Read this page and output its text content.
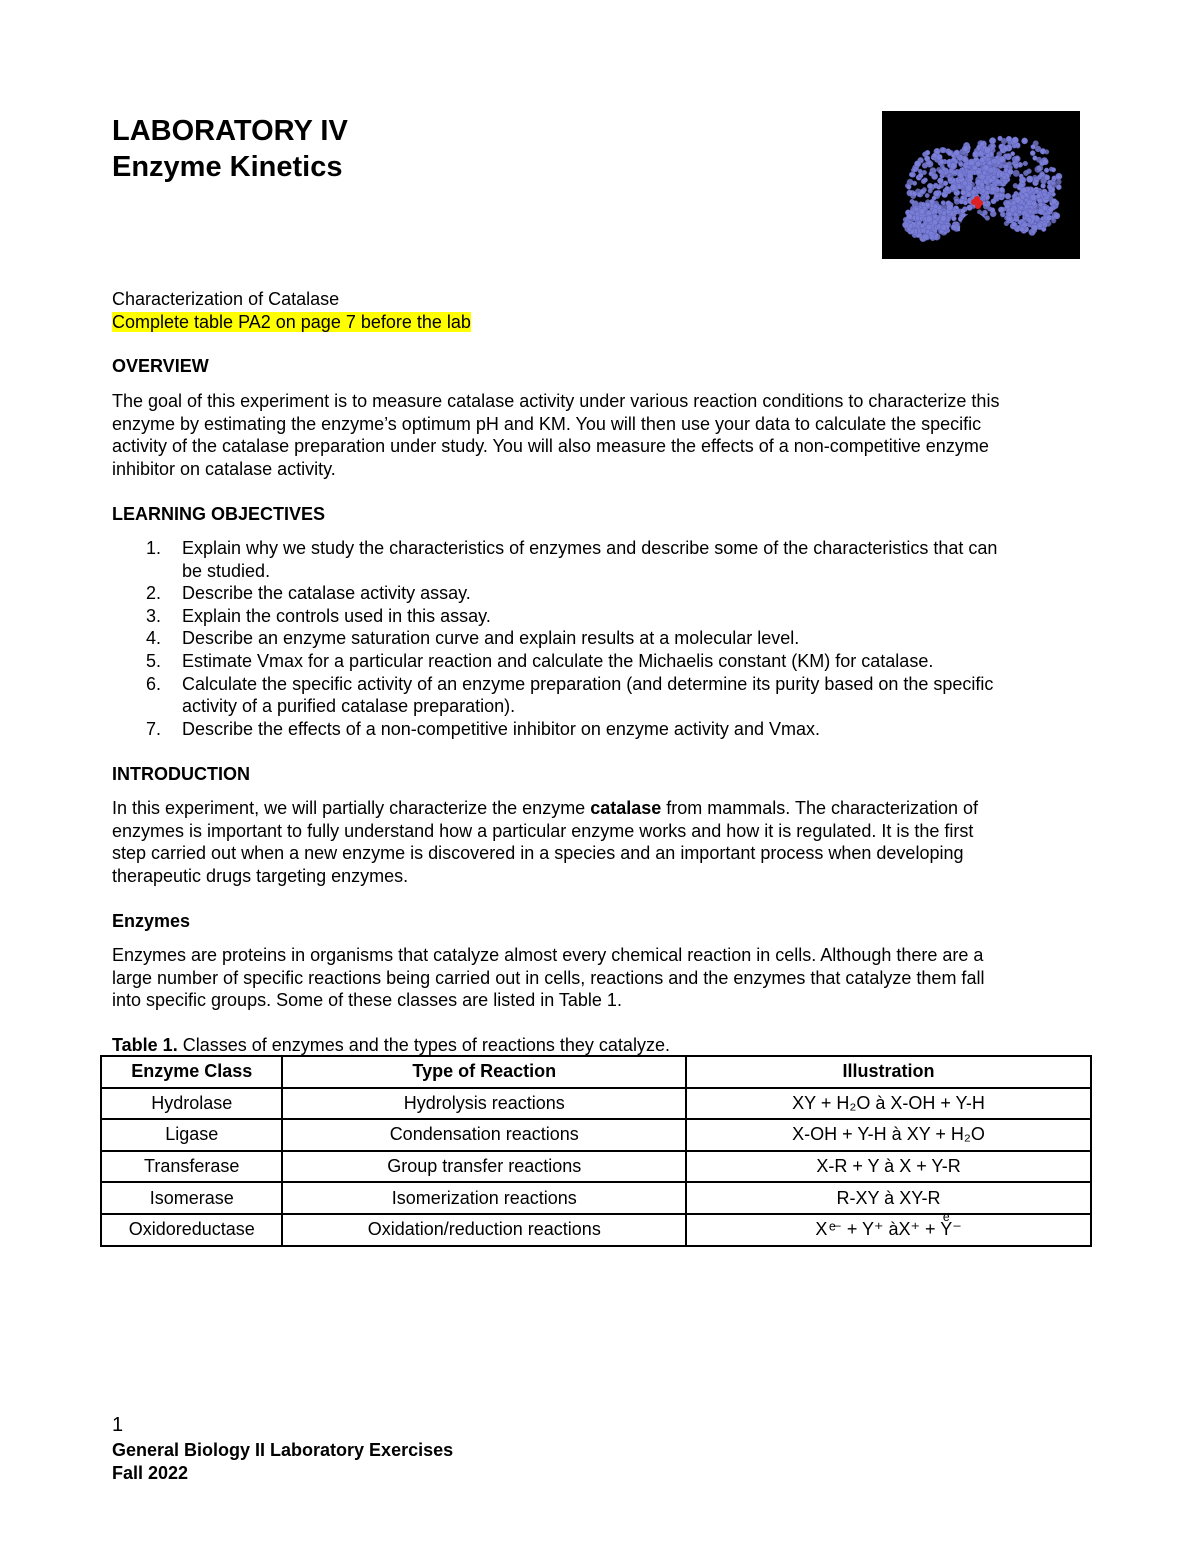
LABORATORY IV
Enzyme Kinetics

Characterization of Catalase

Complete table PA2 on page 7 before the lab

OVERVIEW

The goal of this experiment is to measure catalase activity under various reaction conditions to characterize this
enzyme by estimating the enzyme’s optimum pH and KM. You will then use your data to calculate the specific
activity of the catalase preparation under study. You will also measure the effects of a non-competitive enzyme
inhibitor on catalase activity.

LEARNING OBJECTIVES

1.	Explain why we study the characteristics of enzymes and describe some of the characteristics that can
be studied.
2.	Describe the catalase activity assay.
3.	Explain the controls used in this assay.
4.	Describe an enzyme saturation curve and explain results at a molecular level.
5.	Estimate Vmax for a particular reaction and calculate the Michaelis constant (KM) for catalase.
6.	Calculate the specific activity of an enzyme preparation (and determine its purity based on the specific
activity of a purified catalase preparation).
7.	Describe the effects of a non-competitive inhibitor on enzyme activity and Vmax.

INTRODUCTION

In this experiment, we will partially characterize the enzyme catalase from mammals. The characterization of
enzymes is important to fully understand how a particular enzyme works and how it is regulated. It is the first
step carried out when a new enzyme is discovered in a species and an important process when developing
therapeutic drugs targeting enzymes.

Enzymes

Enzymes are proteins in organisms that catalyze almost every chemical reaction in cells. Although there are a
large number of specific reactions being carried out in cells, reactions and the enzymes that catalyze them fall
into specific groups. Some of these classes are listed in Table 1.

Table 1. Classes of enzymes and the types of reactions they catalyze.

Enzyme Class	Type of Reaction	Illustration
Hydrolase	Hydrolysis reactions	XY + H₂O à X-OH + Y-H
Ligase	Condensation reactions	X-OH + Y-H à XY + H₂O
Transferase	Group transfer reactions	X-R + Y à X + Y-R
Isomerase	Isomerization reactions	R-XY à XY-R
Oxidoreductase	Oxidation/reduction reactions	X ͤ⁻ + Y⁺ àX⁺ + Yͤ⁻

1

General Biology II Laboratory Exercises

Fall 2022
